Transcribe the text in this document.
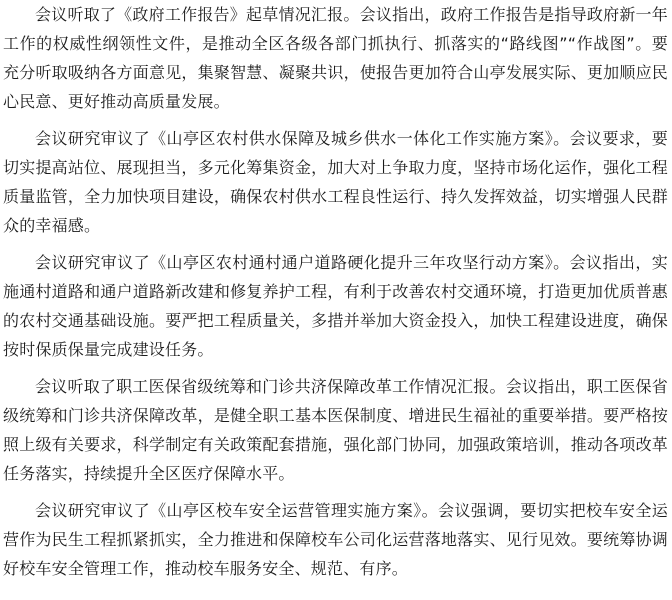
会议听取了《政府工作报告》起草情况汇报。会议指出，政府工作报告是指导政府新一年工作的权威性纲领性文件，是推动全区各级各部门抓执行、抓落实的“路线图”“作战图”。要充分听取吸纳各方面意见，集聚智慧、凝聚共识，使报告更加符合山亭发展实际、更加顺应民心民意、更好推动高质量发展。

会议研究审议了《山亭区农村供水保障及城乡供水一体化工作实施方案》。会议要求，要切实提高站位、展现担当，多元化筹集资金，加大对上争取力度，坚持市场化运作，强化工程质量监管，全力加快项目建设，确保农村供水工程良性运行、持久发挥效益，切实增强人民群众的幸福感。

会议研究审议了《山亭区农村通村通户道路硬化提升三年攻坚行动方案》。会议指出，实施通村道路和通户道路新改建和修复养护工程，有利于改善农村交通环境，打造更加优质普惠的农村交通基础设施。要严把工程质量关，多措并举加大资金投入，加快工程建设进度，确保按时保质保量完成建设任务。

会议听取了职工医保省级统筹和门诊共济保障改革工作情况汇报。会议指出，职工医保省级统筹和门诊共济保障改革，是健全职工基本医保制度、增进民生福祉的重要举措。要严格按照上级有关要求，科学制定有关政策配套措施，强化部门协同，加强政策培训，推动各项改革任务落实，持续提升全区医疗保障水平。

会议研究审议了《山亭区校车安全运营管理实施方案》。会议强调，要切实把校车安全运营作为民生工程抓紧抓实，全力推进和保障校车公司化运营落地落实、见行见效。要统筹协调好校车安全管理工作，推动校车服务安全、规范、有序。
